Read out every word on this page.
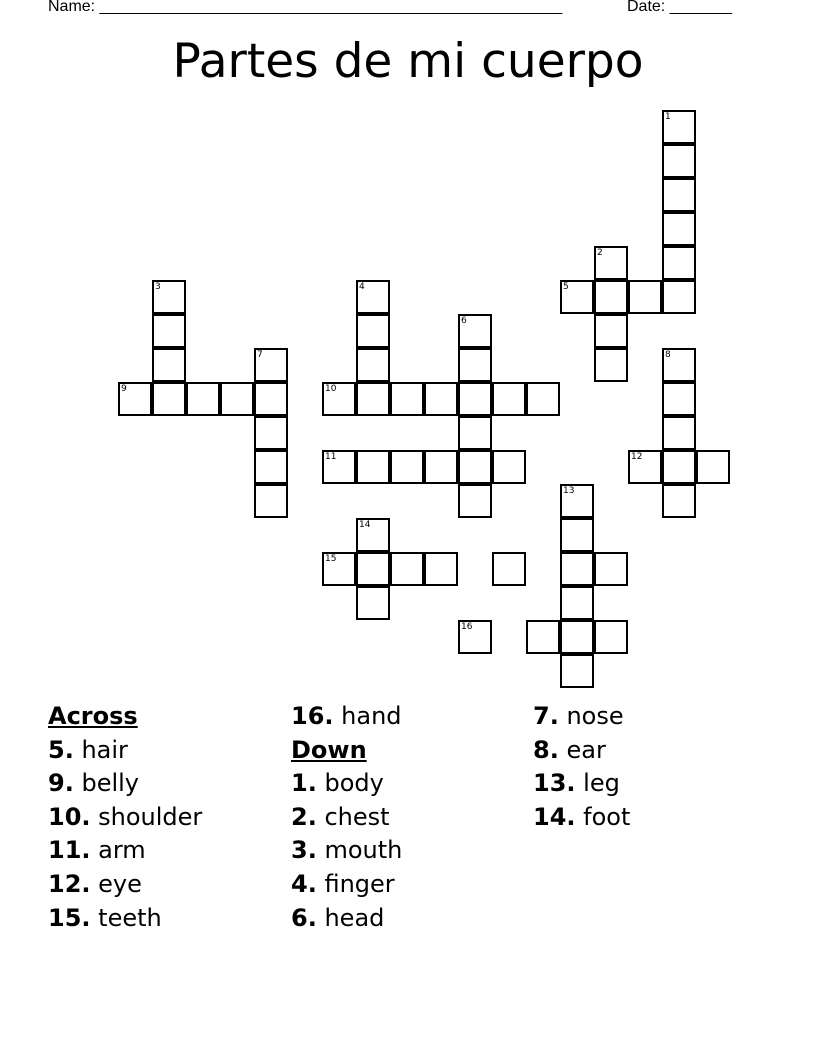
Name: ____________________________________________________	Date: _______
Partes de mi cuerpo
1
2
5
3	4
6
7	8
9	10
11	12
13
14
15
16
Across
5. hair
9. belly
10. shoulder
11. arm
12. eye
15. teeth
16. hand
Down
1. body
2. chest
3. mouth
4. finger
6. head
7. nose
8. ear
13. leg
14. foot
